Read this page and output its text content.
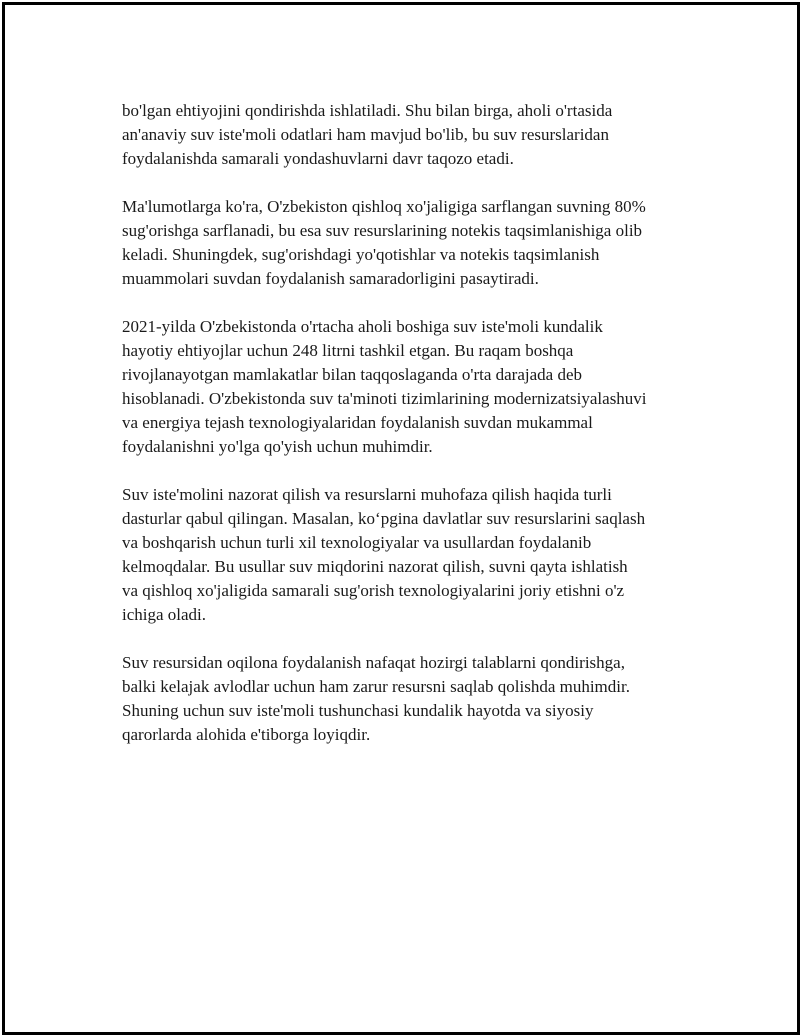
bo'lgan ehtiyojini qondirishda ishlatiladi. Shu bilan birga, aholi o'rtasida
an'anaviy suv iste'moli odatlari ham mavjud bo'lib, bu suv resurslaridan
foydalanishda samarali yondashuvlarni davr taqozo etadi.

Ma'lumotlarga ko'ra, O'zbekiston qishloq xo'jaligiga sarflangan suvning 80%
sug'orishga sarflanadi, bu esa suv resurslarining notekis taqsimlanishiga olib
keladi. Shuningdek, sug'orishdagi yo'qotishlar va notekis taqsimlanish
muammolari suvdan foydalanish samaradorligini pasaytiradi.

2021-yilda O'zbekistonda o'rtacha aholi boshiga suv iste'moli kundalik
hayotiy ehtiyojlar uchun 248 litrni tashkil etgan. Bu raqam boshqa
rivojlanayotgan mamlakatlar bilan taqqoslaganda o'rta darajada deb
hisoblanadi. O'zbekistonda suv ta'minoti tizimlarining modernizatsiyalashuvi
va energiya tejash texnologiyalaridan foydalanish suvdan mukammal
foydalanishni yo'lga qo'yish uchun muhimdir.

Suv iste'molini nazorat qilish va resurslarni muhofaza qilish haqida turli
dasturlar qabul qilingan. Masalan, ko‘pgina davlatlar suv resurslarini saqlash
va boshqarish uchun turli xil texnologiyalar va usullardan foydalanib
kelmoqdalar. Bu usullar suv miqdorini nazorat qilish, suvni qayta ishlatish
va qishloq xo'jaligida samarali sug'orish texnologiyalarini joriy etishni o'z
ichiga oladi.

Suv resursidan oqilona foydalanish nafaqat hozirgi talablarni qondirishga,
balki kelajak avlodlar uchun ham zarur resursni saqlab qolishda muhimdir.
Shuning uchun suv iste'moli tushunchasi kundalik hayotda va siyosiy
qarorlarda alohida e'tiborga loyiqdir.
